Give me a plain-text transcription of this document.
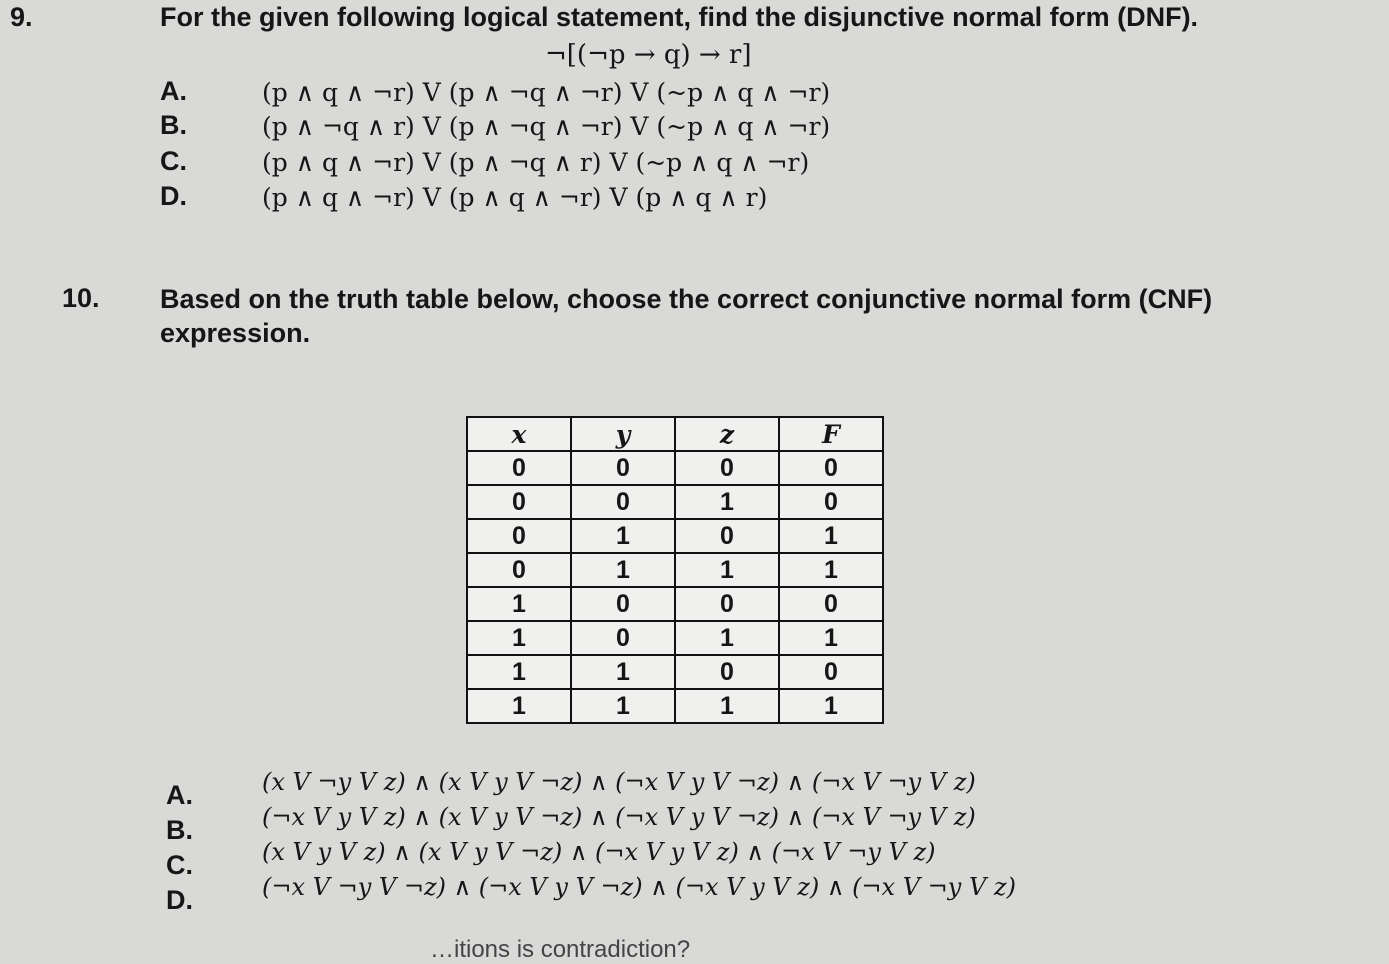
9.	For the given following logical statement, find the disjunctive normal form (DNF).
¬[(¬p → q) → r]
A.	(p ∧ q ∧ ¬r) V (p ∧ ¬q ∧ ¬r) V (~p ∧ q ∧ ¬r)
B.	(p ∧ ¬q ∧ r) V (p ∧ ¬q ∧ ¬r) V (~p ∧ q ∧ ¬r)
C.	(p ∧ q ∧ ¬r) V (p ∧ ¬q ∧ r) V (~p ∧ q ∧ ¬r)
D.	(p ∧ q ∧ ¬r) V (p ∧ q ∧ ¬r) V (p ∧ q ∧ r)
10. Based on the truth table below, choose the correct conjunctive normal form (CNF)
expression.
x	y	z	F
0	0	0	0
0	0	1	0
0	1	0	1
0	1	1	1
1	0	0	0
1	0	1	1
1	1	0	0
1	1	1	1
A.	(x V ¬y V z) ∧ (x V y V ¬z) ∧ (¬x V y V ¬z) ∧ (¬x V ¬y V z)
B.	(¬x V y V z) ∧ (x V y V ¬z) ∧ (¬x V y V ¬z) ∧ (¬x V ¬y V z)
C.	(x V y V z) ∧ (x V y V ¬z) ∧ (¬x V y V z) ∧ (¬x V ¬y V z)
D.	(¬x V ¬y V ¬z) ∧ (¬x V y V ¬z) ∧ (¬x V y V z) ∧ (¬x V ¬y V z)
…itions is contradiction?
